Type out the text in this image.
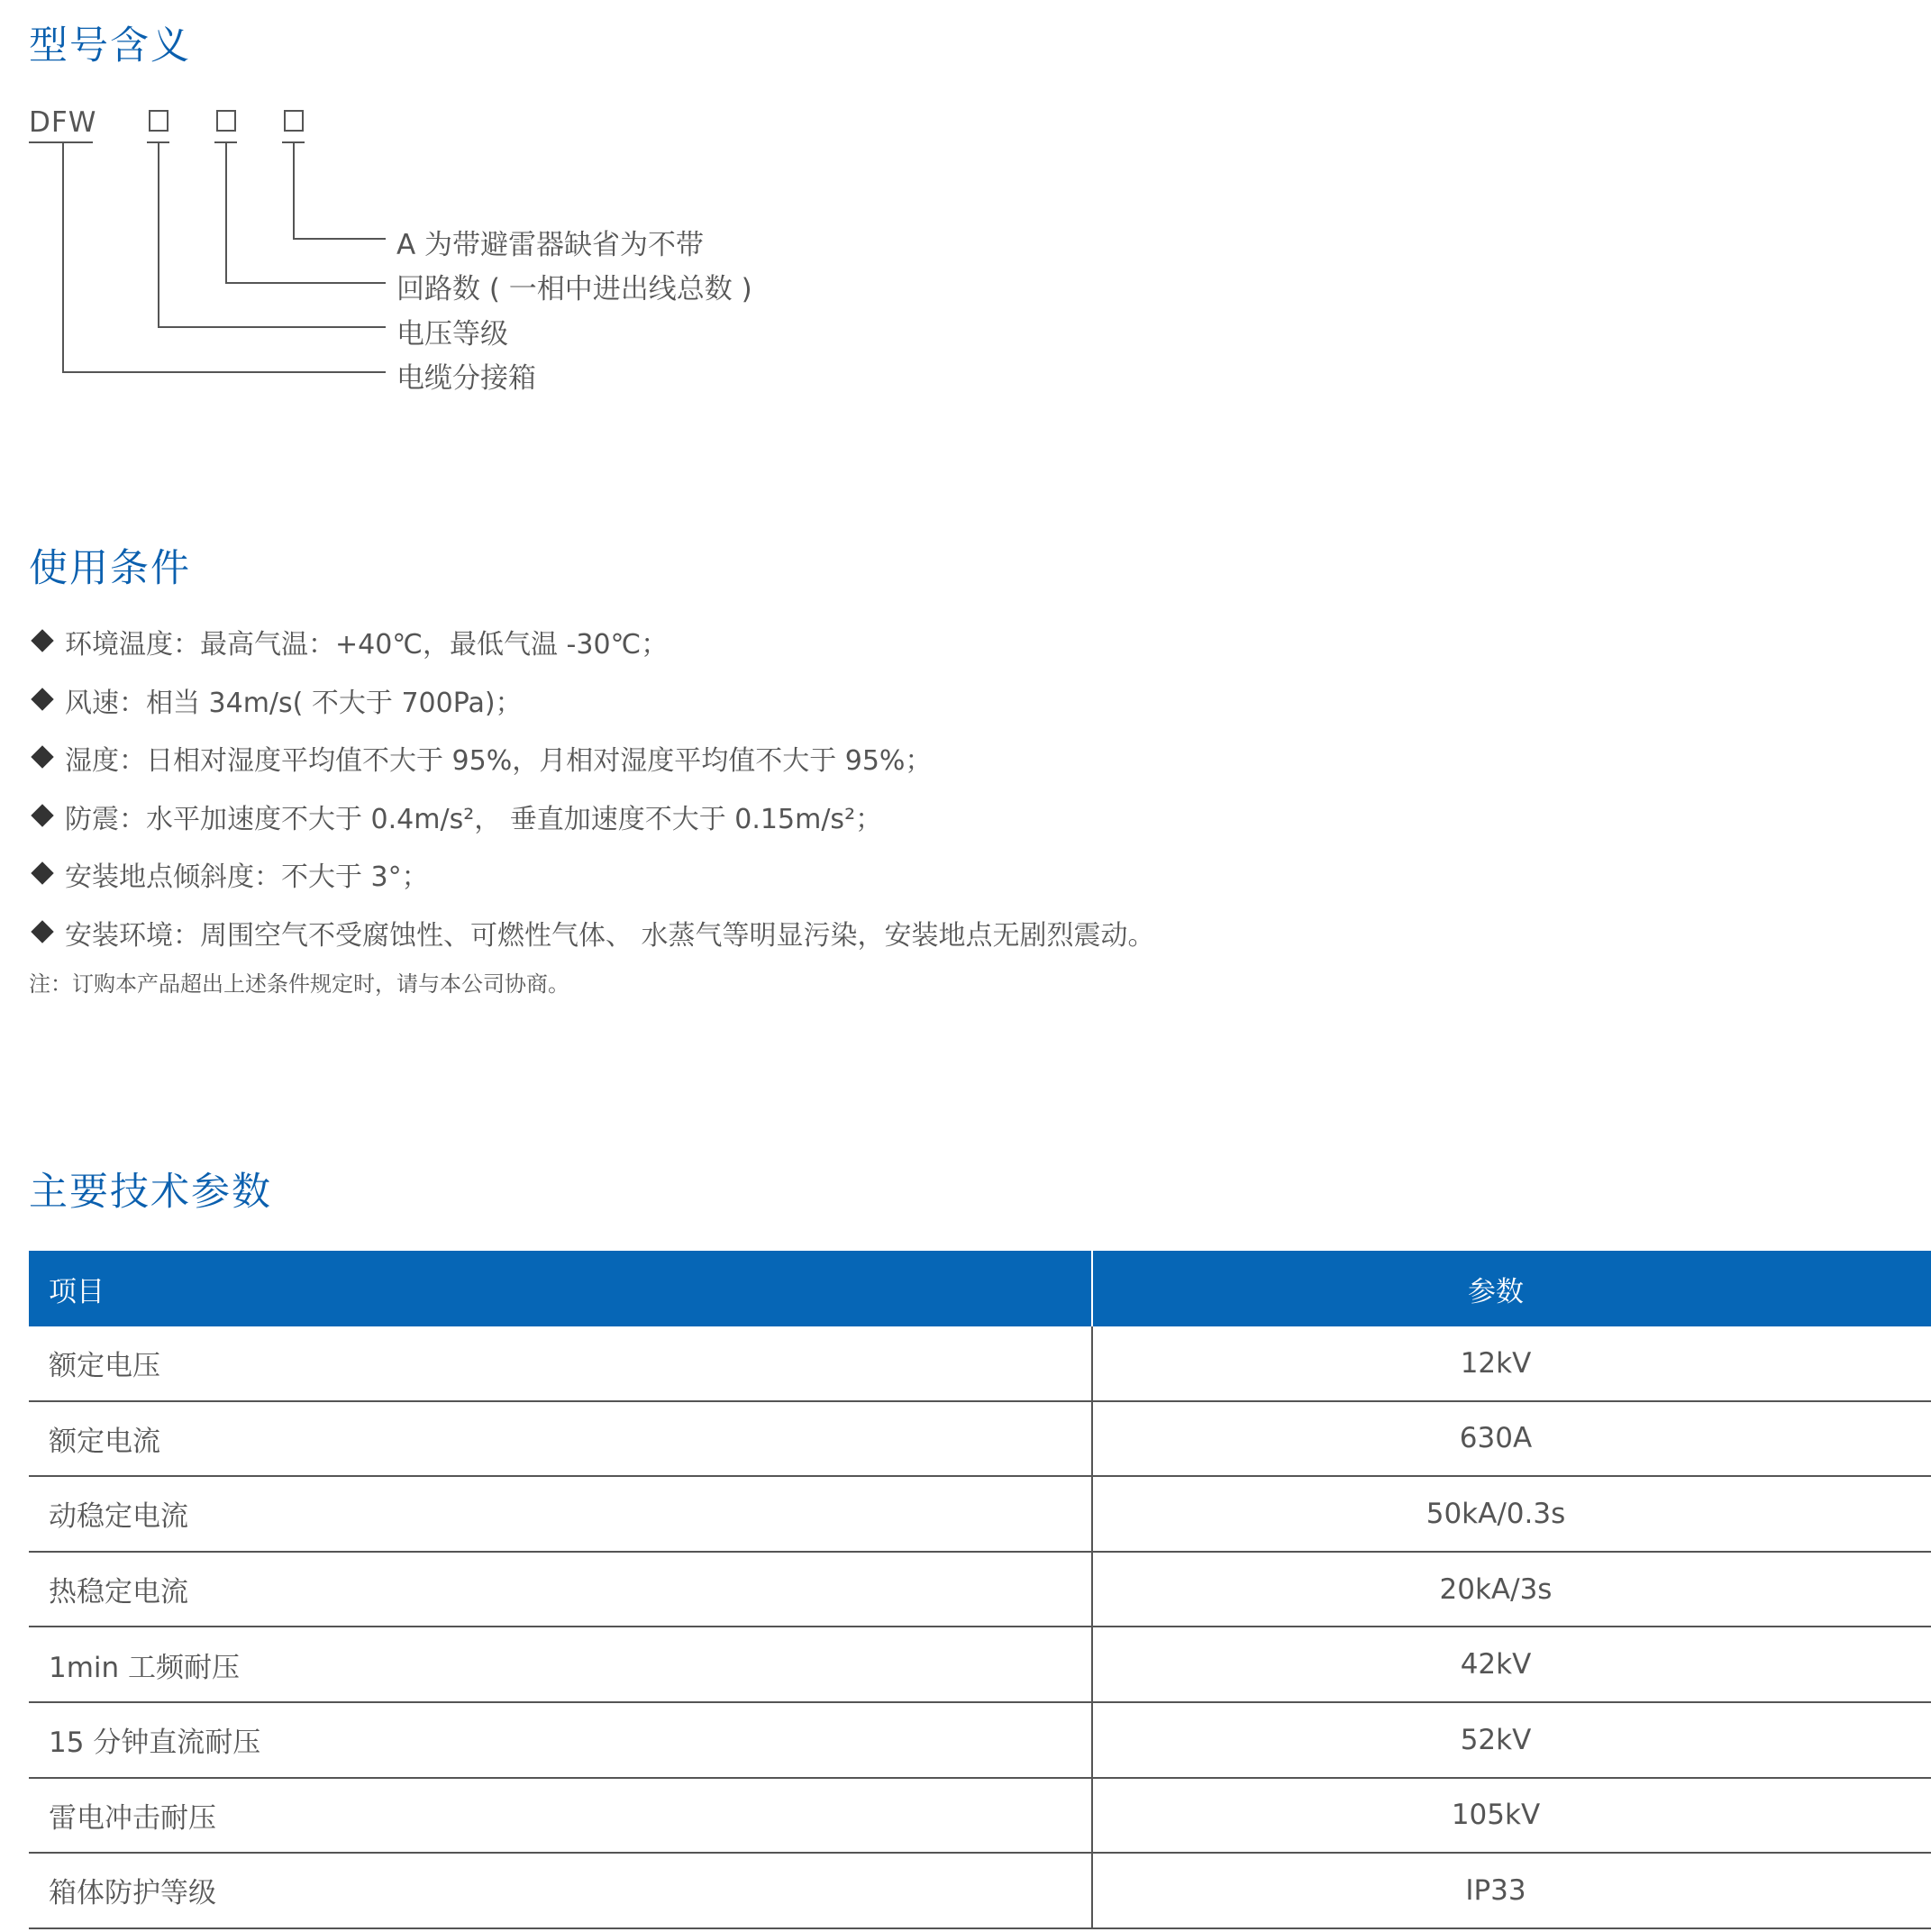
型号含义
DFW
A 为带避雷器缺省为不带
回路数 ( 一相中进出线总数 )
电压等级
电缆分接箱
使用条件
环境温度：最高气温：+40℃，最低气温 -30℃；
风速：相当 34m/s( 不大于 700Pa)；
湿度：日相对湿度平均值不大于 95%，月相对湿度平均值不大于 95%；
防震：水平加速度不大于 0.4m/s²， 垂直加速度不大于 0.15m/s²；
安装地点倾斜度：不大于 3°；
安装环境：周围空气不受腐蚀性、可燃性气体、 水蒸气等明显污染，安装地点无剧烈震动。
注：订购本产品超出上述条件规定时，请与本公司协商。
主要技术参数
项目	参数
额定电压	12kV
额定电流	630A
动稳定电流	50kA/0.3s
热稳定电流	20kA/3s
1min 工频耐压	42kV
15 分钟直流耐压	52kV
雷电冲击耐压	105kV
箱体防护等级	IP33
